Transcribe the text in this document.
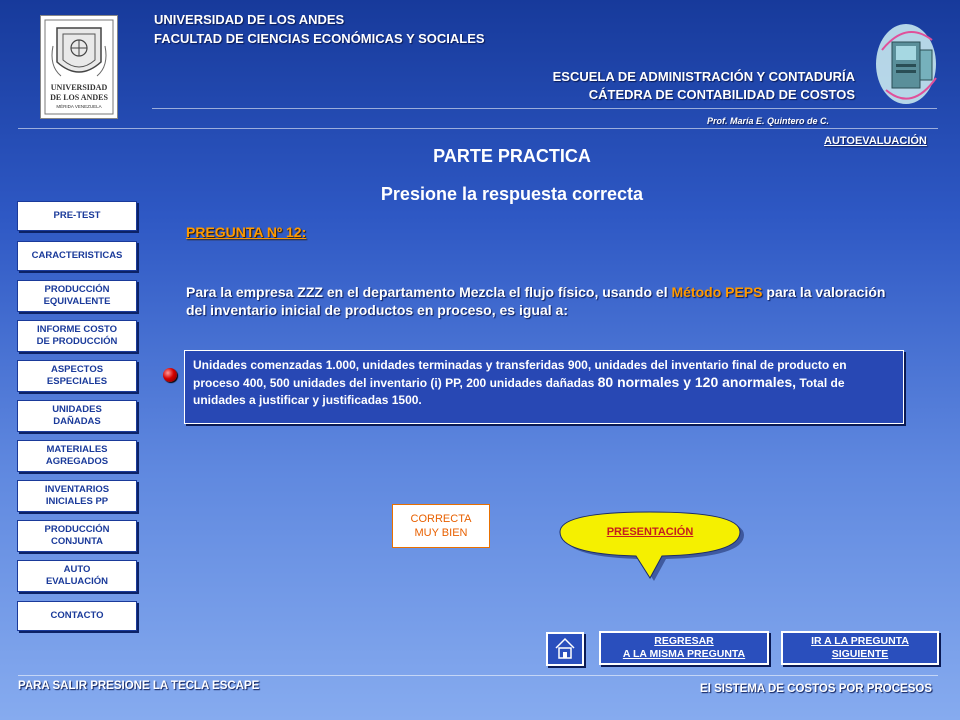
UNIVERSIDAD
DE LOS ANDES
MÉRIDA VENEZUELA
UNIVERSIDAD DE LOS ANDES
FACULTAD DE CIENCIAS ECONÓMICAS Y SOCIALES
ESCUELA DE ADMINISTRACIÓN Y CONTADURÍA
CÁTEDRA DE CONTABILIDAD DE COSTOS
Prof. María E. Quintero de C.
AUTOEVALUACIÓN
PARTE PRACTICA
Presione la respuesta correcta
PRE-TEST
CARACTERISTICAS
PRODUCCIÓN
EQUIVALENTE
INFORME COSTO
DE PRODUCCIÓN
ASPECTOS
ESPECIALES
UNIDADES
DAÑADAS
MATERIALES
AGREGADOS
INVENTARIOS
INICIALES PP
PRODUCCIÓN
CONJUNTA
AUTO
EVALUACIÓN
CONTACTO
PREGUNTA Nº 12:
Para la empresa ZZZ en el departamento Mezcla el flujo físico, usando el Método PEPS para la valoración del inventario inicial de productos en proceso, es igual a:
Unidades comenzadas 1.000, unidades terminadas y transferidas 900, unidades del inventario final de producto en proceso 400, 500 unidades del inventario (i) PP, 200 unidades dañadas 80 normales y 120 anormales, Total de unidades a justificar y justificadas 1500.
CORRECTA
MUY BIEN	PRESENTACIÓN
REGRESAR
A LA MISMA PREGUNTA
IR A LA PREGUNTA
SIGUIENTE
PARA SALIR PRESIONE LA TECLA ESCAPE	El SISTEMA DE COSTOS POR PROCESOS
